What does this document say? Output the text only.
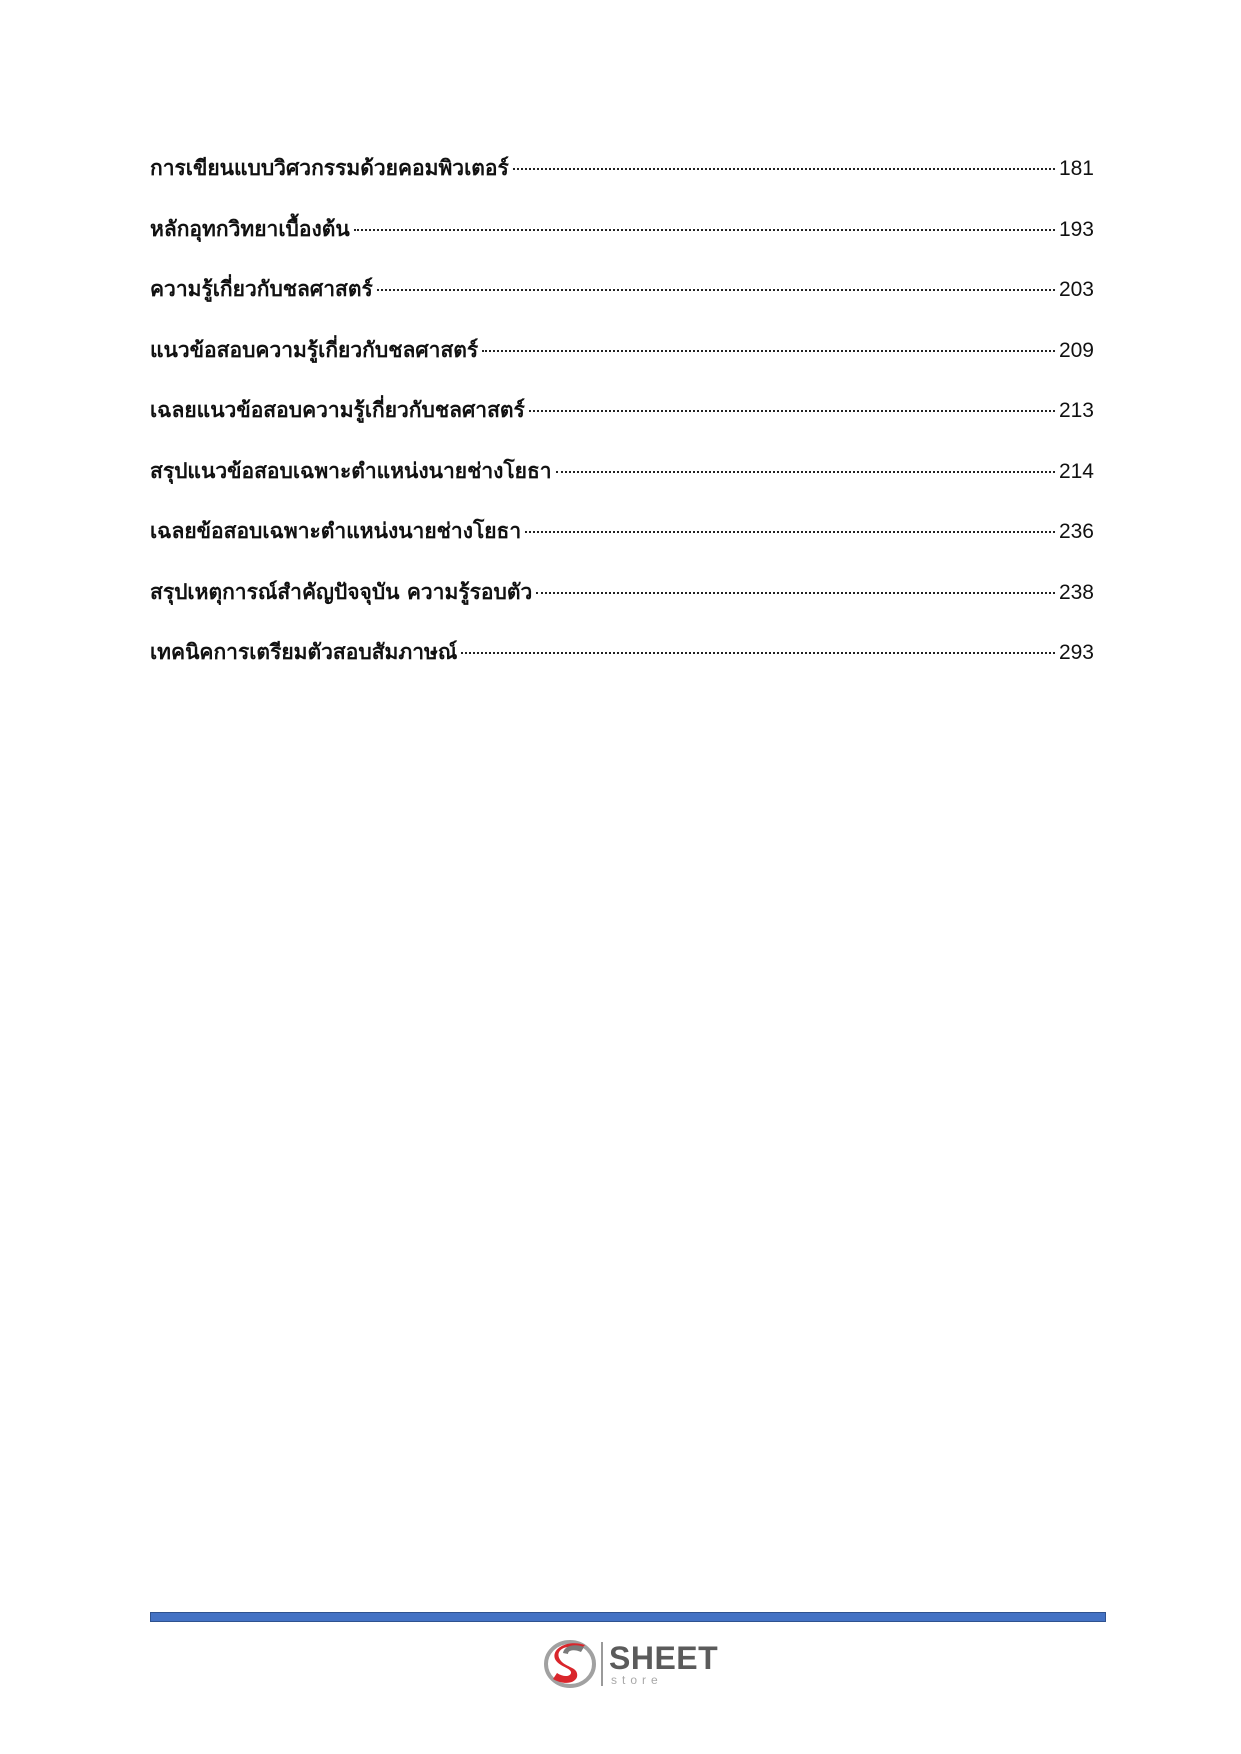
การเขียนแบบวิศวกรรมด้วยคอมพิวเตอร์	181
หลักอุทกวิทยาเบื้องต้น	193
ความรู้เกี่ยวกับชลศาสตร์	203
แนวข้อสอบความรู้เกี่ยวกับชลศาสตร์	209
เฉลยแนวข้อสอบความรู้เกี่ยวกับชลศาสตร์	213
สรุปแนวข้อสอบเฉพาะตำแหน่งนายช่างโยธา	214
เฉลยข้อสอบเฉพาะตำแหน่งนายช่างโยธา	236
สรุปเหตุการณ์สำคัญปัจจุบัน ความรู้รอบตัว	238
เทคนิคการเตรียมตัวสอบสัมภาษณ์	293
SHEET
store
